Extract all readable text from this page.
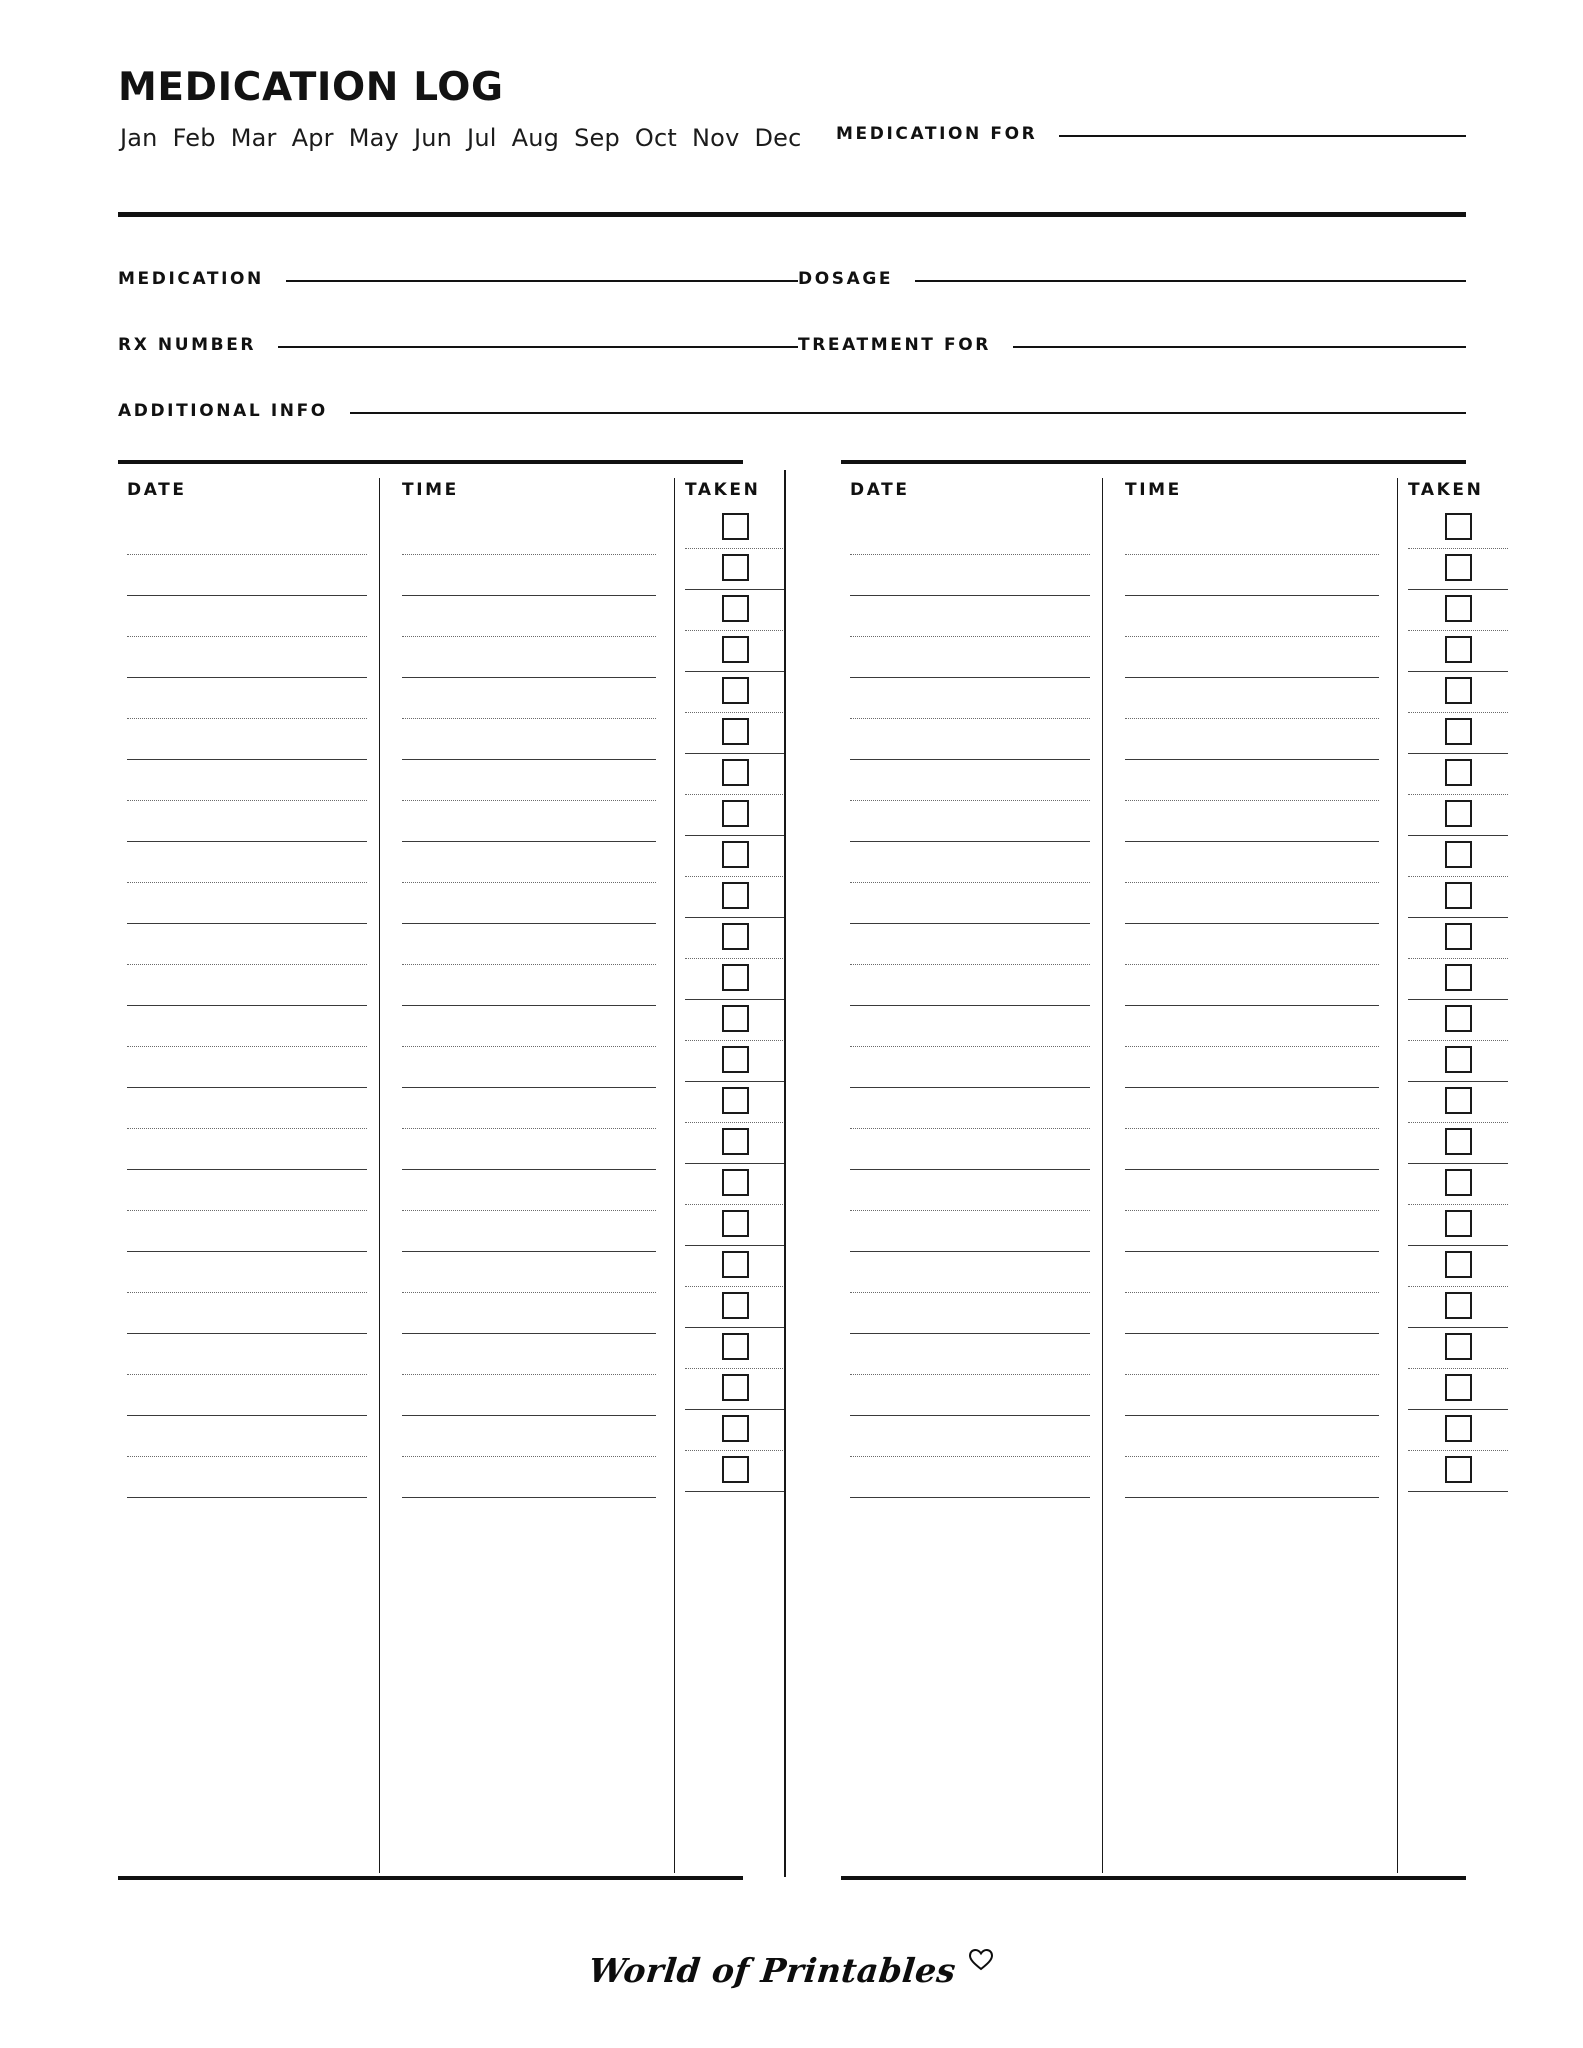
MEDICATION LOG
Jan Feb Mar Apr May Jun Jul Aug Sep Oct Nov Dec MEDICATION FOR
MEDICATION	DOSAGE
RX NUMBER	TREATMENT FOR
ADDITIONAL INFO
DATE	TIME	TAKEN	DATE	TIME	TAKEN
World of Printables
